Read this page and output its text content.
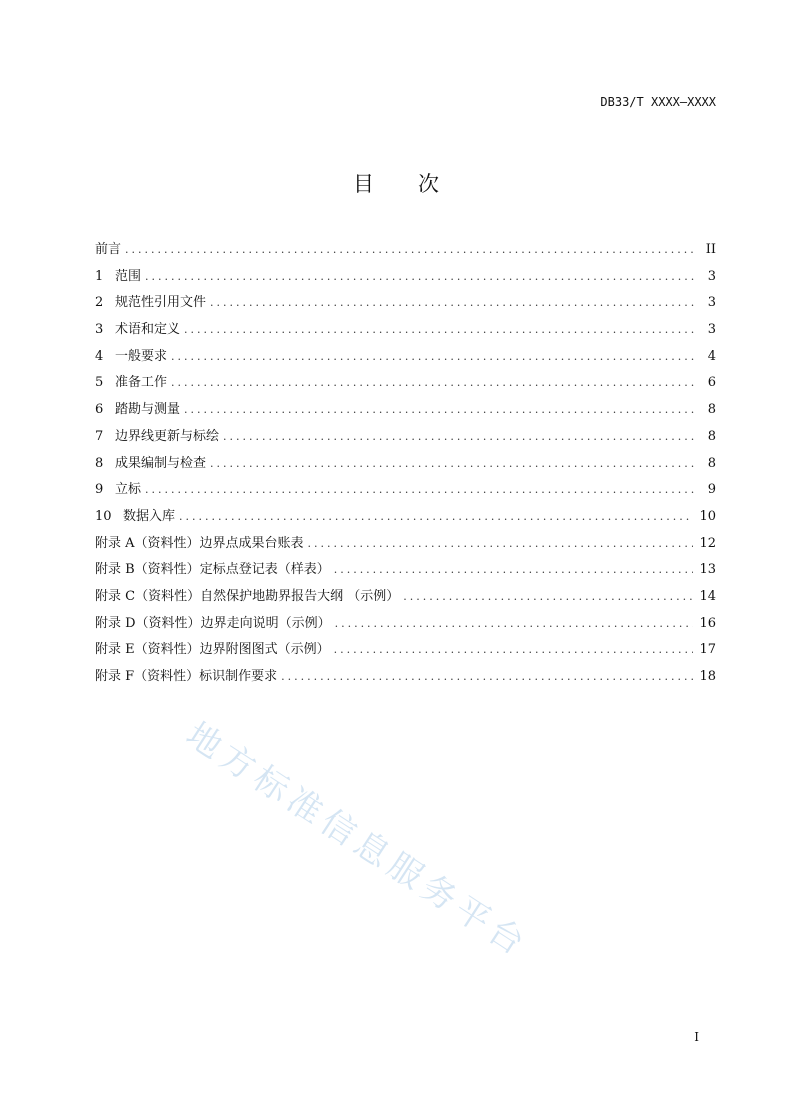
DB33/T XXXX—XXXX
目 次
前言 .....	II
1 范围 .....	3
2 规范性引用文件 .....	3
3 术语和定义 .....	3
4 一般要求 .....	4
5 准备工作 .....	6
6 踏勘与测量 .....	8
7 边界线更新与标绘 .....	8
8 成果编制与检查 .....	8
9 立标 .....	9
10 数据入库 .....	10
附录 A（资料性） 边界点成果台账表 .....	12
附录 B（资料性） 定标点登记表（样表） .....	13
附录 C（资料性） 自然保护地勘界报告大纲 （示例） .....	14
附录 D（资料性） 边界走向说明（示例） .....	16
附录 E（资料性） 边界附图图式（示例） .....	17
附录 F（资料性） 标识制作要求 .....	18
地方标准信息服务平台
I
